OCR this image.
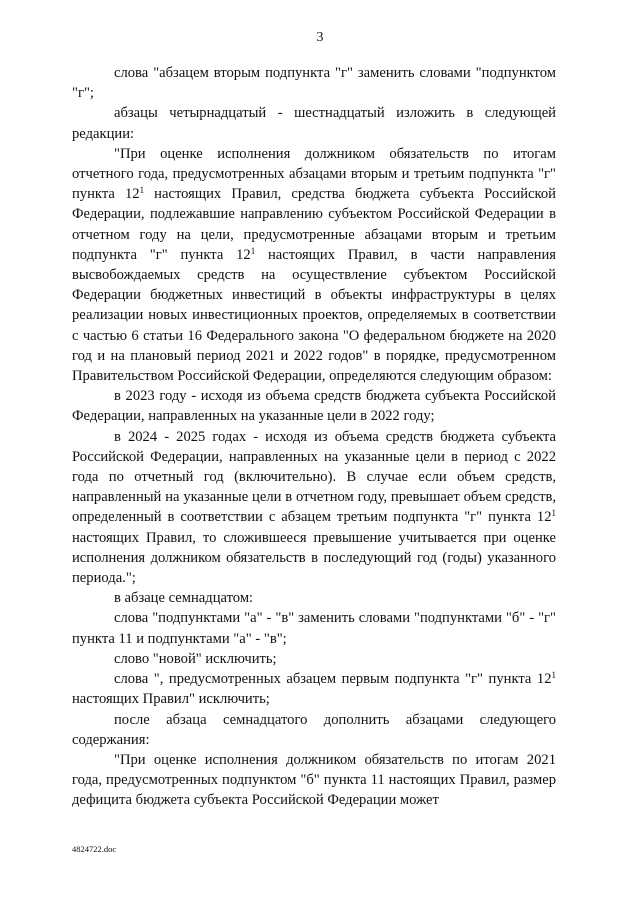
3

слова "абзацем вторым подпункта "г" заменить словами "подпунктом "г";

абзацы четырнадцатый - шестнадцатый изложить в следующей редакции:

"При оценке исполнения должником обязательств по итогам отчетного года, предусмотренных абзацами вторым и третьим подпункта "г" пункта $12^1$ настоящих Правил, средства бюджета субъекта Российской Федерации, подлежавшие направлению субъектом Российской Федерации в отчетном году на цели, предусмотренные абзацами вторым и третьим подпункта "г" пункта $12^1$ настоящих Правил, в части направления высвобождаемых средств на осуществление субъектом Российской Федерации бюджетных инвестиций в объекты инфраструктуры в целях реализации новых инвестиционных проектов, определяемых в соответствии с частью 6 статьи 16 Федерального закона "О федеральном бюджете на 2020 год и на плановый период 2021 и 2022 годов" в порядке, предусмотренном Правительством Российской Федерации, определяются следующим образом:

в 2023 году - исходя из объема средств бюджета субъекта Российской Федерации, направленных на указанные цели в 2022 году;

в 2024 - 2025 годах - исходя из объема средств бюджета субъекта Российской Федерации, направленных на указанные цели в период с 2022 года по отчетный год (включительно). В случае если объем средств, направленный на указанные цели в отчетном году, превышает объем средств, определенный в соответствии с абзацем третьим подпункта "г" пункта $12^1$ настоящих Правил, то сложившееся превышение учитывается при оценке исполнения должником обязательств в последующий год (годы) указанного периода.";

в абзаце семнадцатом:

слова "подпунктами "а" - "в" заменить словами "подпунктами "б" - "г" пункта 11 и подпунктами "а" - "в";

слово "новой" исключить;

слова ", предусмотренных абзацем первым подпункта "г" пункта $12^1$ настоящих Правил" исключить;

после абзаца семнадцатого дополнить абзацами следующего содержания:

"При оценке исполнения должником обязательств по итогам 2021 года, предусмотренных подпунктом "б" пункта 11 настоящих Правил, размер дефицита бюджета субъекта Российской Федерации может

4824722.doc
